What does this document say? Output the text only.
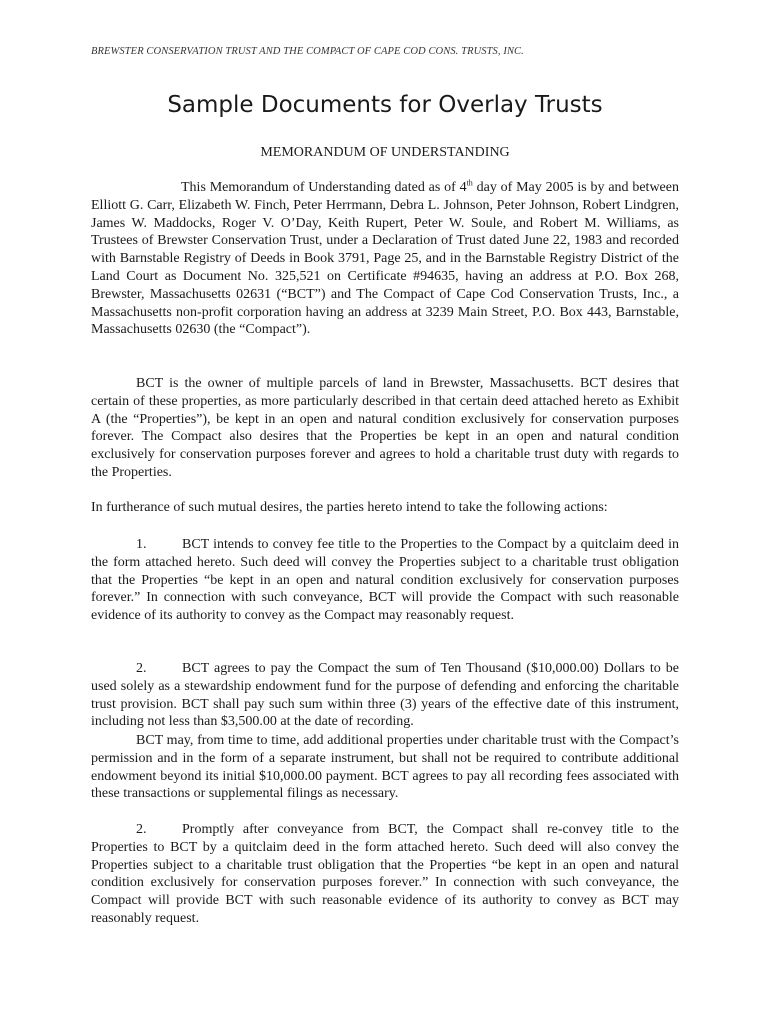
BREWSTER CONSERVATION TRUST AND THE COMPACT OF CAPE COD CONS. TRUSTS, INC.
Sample Documents for Overlay Trusts
MEMORANDUM OF UNDERSTANDING
This Memorandum of Understanding dated as of 4th day of May 2005 is by and between Elliott G. Carr, Elizabeth W. Finch, Peter Herrmann, Debra L. Johnson, Peter Johnson, Robert Lindgren, James W. Maddocks, Roger V. O’Day, Keith Rupert, Peter W. Soule, and Robert M. Williams, as Trustees of Brewster Conservation Trust, under a Declaration of Trust dated June 22, 1983 and recorded with Barnstable Registry of Deeds in Book 3791, Page 25, and in the Barnstable Registry District of the Land Court as Document No. 325,521 on Certificate #94635, having an address at P.O. Box 268, Brewster, Massachusetts 02631 (“BCT”) and The Compact of Cape Cod Conservation Trusts, Inc., a Massachusetts non-profit corporation having an address at 3239 Main Street, P.O. Box 443, Barnstable, Massachusetts 02630 (the “Compact”).
BCT is the owner of multiple parcels of land in Brewster, Massachusetts. BCT desires that certain of these properties, as more particularly described in that certain deed attached hereto as Exhibit A (the “Properties”), be kept in an open and natural condition exclusively for conservation purposes forever. The Compact also desires that the Properties be kept in an open and natural condition exclusively for conservation purposes forever and agrees to hold a charitable trust duty with regards to the Properties.
In furtherance of such mutual desires, the parties hereto intend to take the following actions:
1.	BCT intends to convey fee title to the Properties to the Compact by a quitclaim deed in the form attached hereto. Such deed will convey the Properties subject to a charitable trust obligation that the Properties “be kept in an open and natural condition exclusively for conservation purposes forever.” In connection with such conveyance, BCT will provide the Compact with such reasonable evidence of its authority to convey as the Compact may reasonably request.
2.	BCT agrees to pay the Compact the sum of Ten Thousand ($10,000.00) Dollars to be used solely as a stewardship endowment fund for the purpose of defending and enforcing the charitable trust provision. BCT shall pay such sum within three (3) years of the effective date of this instrument, including not less than $3,500.00 at the date of recording.
BCT may, from time to time, add additional properties under charitable trust with the Compact’s permission and in the form of a separate instrument, but shall not be required to contribute additional endowment beyond its initial $10,000.00 payment. BCT agrees to pay all recording fees associated with these transactions or supplemental filings as necessary.
2.	Promptly after conveyance from BCT, the Compact shall re-convey title to the Properties to BCT by a quitclaim deed in the form attached hereto. Such deed will also convey the Properties subject to a charitable trust obligation that the Properties “be kept in an open and natural condition exclusively for conservation purposes forever.” In connection with such conveyance, the Compact will provide BCT with such reasonable evidence of its authority to convey as BCT may reasonably request.
